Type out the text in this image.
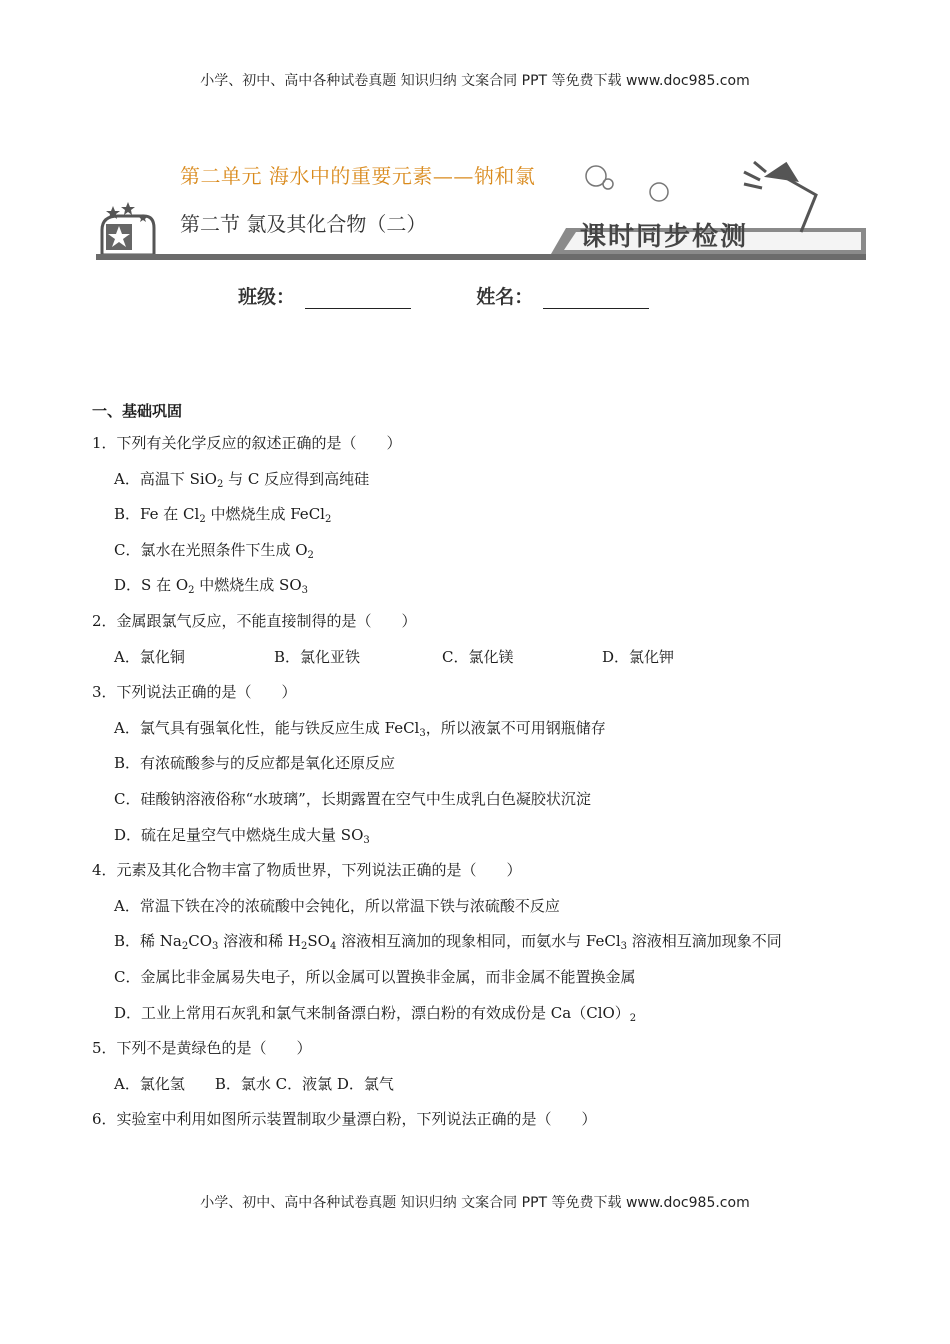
小学、初中、高中各种试卷真题 知识归纳 文案合同 PPT 等免费下载 www.doc985.com
第二单元 海水中的重要元素——钠和氯
第二节 氯及其化合物（二）	课时同步检测
班级：	姓名：
一、基础巩固
1．下列有关化学反应的叙述正确的是（　　）
A．高温下 SiO$_2$ 与 C 反应得到高纯硅
B．Fe 在 $Cl_2$ 中燃烧生成 FeCl$_2$
C．氯水在光照条件下生成 $O_2$
D．S 在 $O_2$ 中燃烧生成 $SO_3$
2．金属跟氯气反应，不能直接制得的是（　　）
A．氯化铜	B．氯化亚铁	C．氯化镁	D．氯化钾
3．下列说法正确的是（　　）
A．氯气具有强氧化性，能与铁反应生成 FeCl$_3$，所以液氯不可用钢瓶储存
B．有浓硫酸参与的反应都是氧化还原反应
C．硅酸钠溶液俗称“水玻璃”，长期露置在空气中生成乳白色凝胶状沉淀
D．硫在足量空气中燃烧生成大量 $SO_3$
4．元素及其化合物丰富了物质世界，下列说法正确的是（　　）
A．常温下铁在冷的浓硫酸中会钝化，所以常温下铁与浓硫酸不反应
B．稀 $Na_2CO_3$ 溶液和稀 $H_2SO_4$ 溶液相互滴加的现象相同，而氨水与 FeCl$_3$ 溶液相互滴加现象不同
C．金属比非金属易失电子，所以金属可以置换非金属，而非金属不能置换金属
D．工业上常用石灰乳和氯气来制备漂白粉，漂白粉的有效成份是 $Ca(ClO)_2$
5．下列不是黄绿色的是（　　）
A．氯化氢　　B．氯水 C．液氯 D．氯气
6．实验室中利用如图所示装置制取少量漂白粉，下列说法正确的是（　　）
小学、初中、高中各种试卷真题 知识归纳 文案合同 PPT 等免费下载 www.doc985.com
